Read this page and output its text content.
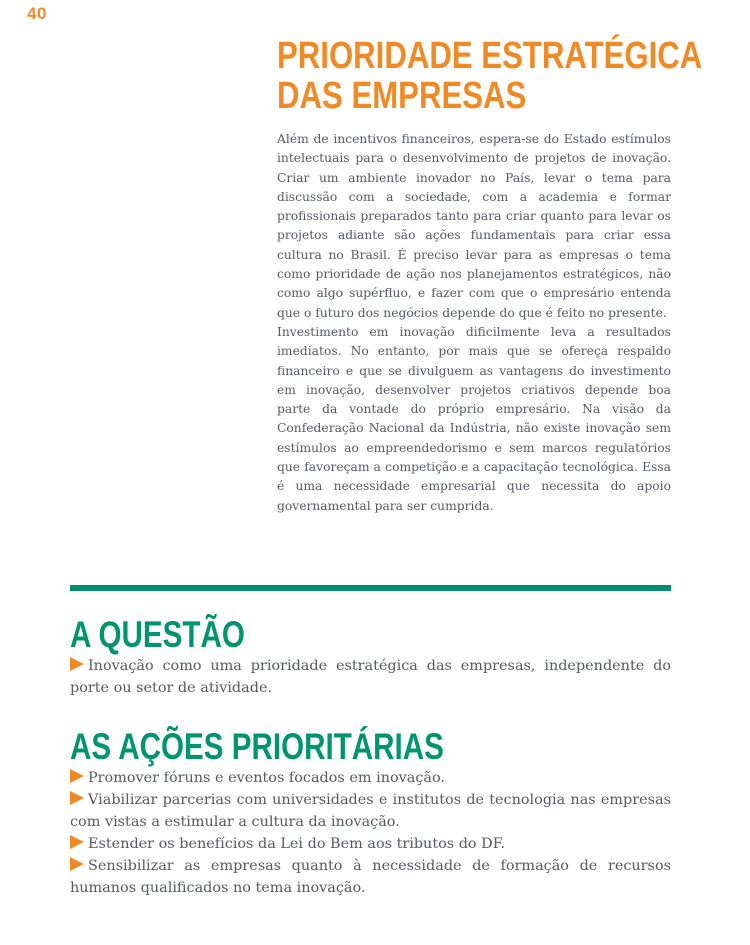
40
PRIORIDADE ESTRATÉGICA
DAS EMPRESAS

Além de incentivos financeiros, espera-se do Estado estímulos intelectuais para o desenvolvimento de projetos de inovação. Criar um ambiente inovador no País, levar o tema para discussão com a sociedade, com a academia e formar profissionais preparados tanto para criar quanto para levar os projetos adiante são ações fundamentais para criar essa cultura no Brasil. É preciso levar para as empresas o tema como prioridade de ação nos planejamentos estratégicos, não como algo supérfluo, e fazer com que o empresário entenda que o futuro dos negócios depende do que é feito no presente.

Investimento em inovação dificilmente leva a resultados imediatos. No entanto, por mais que se ofereça respaldo financeiro e que se divulguem as vantagens do investimento em inovação, desenvolver projetos criativos depende boa parte da vontade do próprio empresário. Na visão da Confederação Nacional da Indústria, não existe inovação sem estímulos ao empreendedorismo e sem marcos regulatórios que favoreçam a competição e a capacitação tecnológica. Essa é uma necessidade empresarial que necessita do apoio governamental para ser cumprida.

A QUESTÃO

Inovação como uma prioridade estratégica das empresas, independente do porte ou setor de atividade.

AS AÇÕES PRIORITÁRIAS

Promover fóruns e eventos focados em inovação.

Viabilizar parcerias com universidades e institutos de tecnologia nas empresas com vistas a estimular a cultura da inovação.

Estender os benefícios da Lei do Bem aos tributos do DF.

Sensibilizar as empresas quanto à necessidade de formação de recursos humanos qualificados no tema inovação.
